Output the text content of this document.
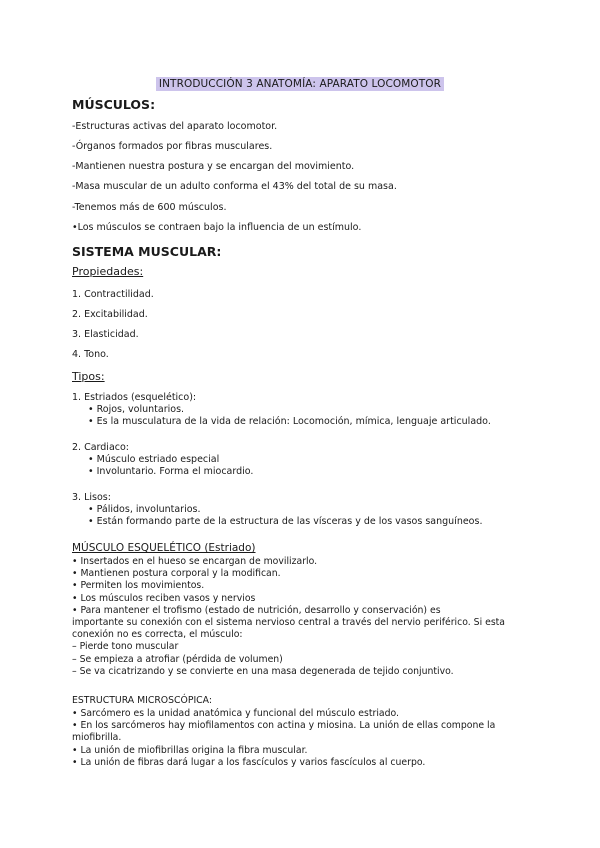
INTRODUCCIÓN 3 ANATOMÍA: APARATO LOCOMOTOR
MÚSCULOS:
-Estructuras activas del aparato locomotor.
-Órganos formados por fibras musculares.
-Mantienen nuestra postura y se encargan del movimiento.
-Masa muscular de un adulto conforma el 43% del total de su masa.
-Tenemos más de 600 músculos.
•Los músculos se contraen bajo la influencia de un estímulo.
SISTEMA MUSCULAR:
Propiedades:
1. Contractilidad.
2. Excitabilidad.
3. Elasticidad.
4. Tono.
Tipos:
1. Estriados (esquelético):
• Rojos, voluntarios.
• Es la musculatura de la vida de relación: Locomoción, mímica, lenguaje articulado.
2. Cardiaco:
• Músculo estriado especial
• Involuntario. Forma el miocardio.
3. Lisos:
• Pálidos, involuntarios.
• Están formando parte de la estructura de las vísceras y de los vasos sanguíneos.
MÚSCULO ESQUELÉTICO (Estriado)
• Insertados en el hueso se encargan de movilizarlo.
• Mantienen postura corporal y la modifican.
• Permiten los movimientos.
• Los músculos reciben vasos y nervios
• Para mantener el trofismo (estado de nutrición, desarrollo y conservación) es
importante su conexión con el sistema nervioso central a través del nervio periférico. Si esta
conexión no es correcta, el músculo:
– Pierde tono muscular
– Se empieza a atrofiar (pérdida de volumen)
– Se va cicatrizando y se convierte en una masa degenerada de tejido conjuntivo.
ESTRUCTURA MICROSCÓPICA:
• Sarcómero es la unidad anatómica y funcional del músculo estriado.
• En los sarcómeros hay miofilamentos con actina y miosina. La unión de ellas compone la
miofibrilla.
• La unión de miofibrillas origina la fibra muscular.
• La unión de fibras dará lugar a los fascículos y varios fascículos al cuerpo.
